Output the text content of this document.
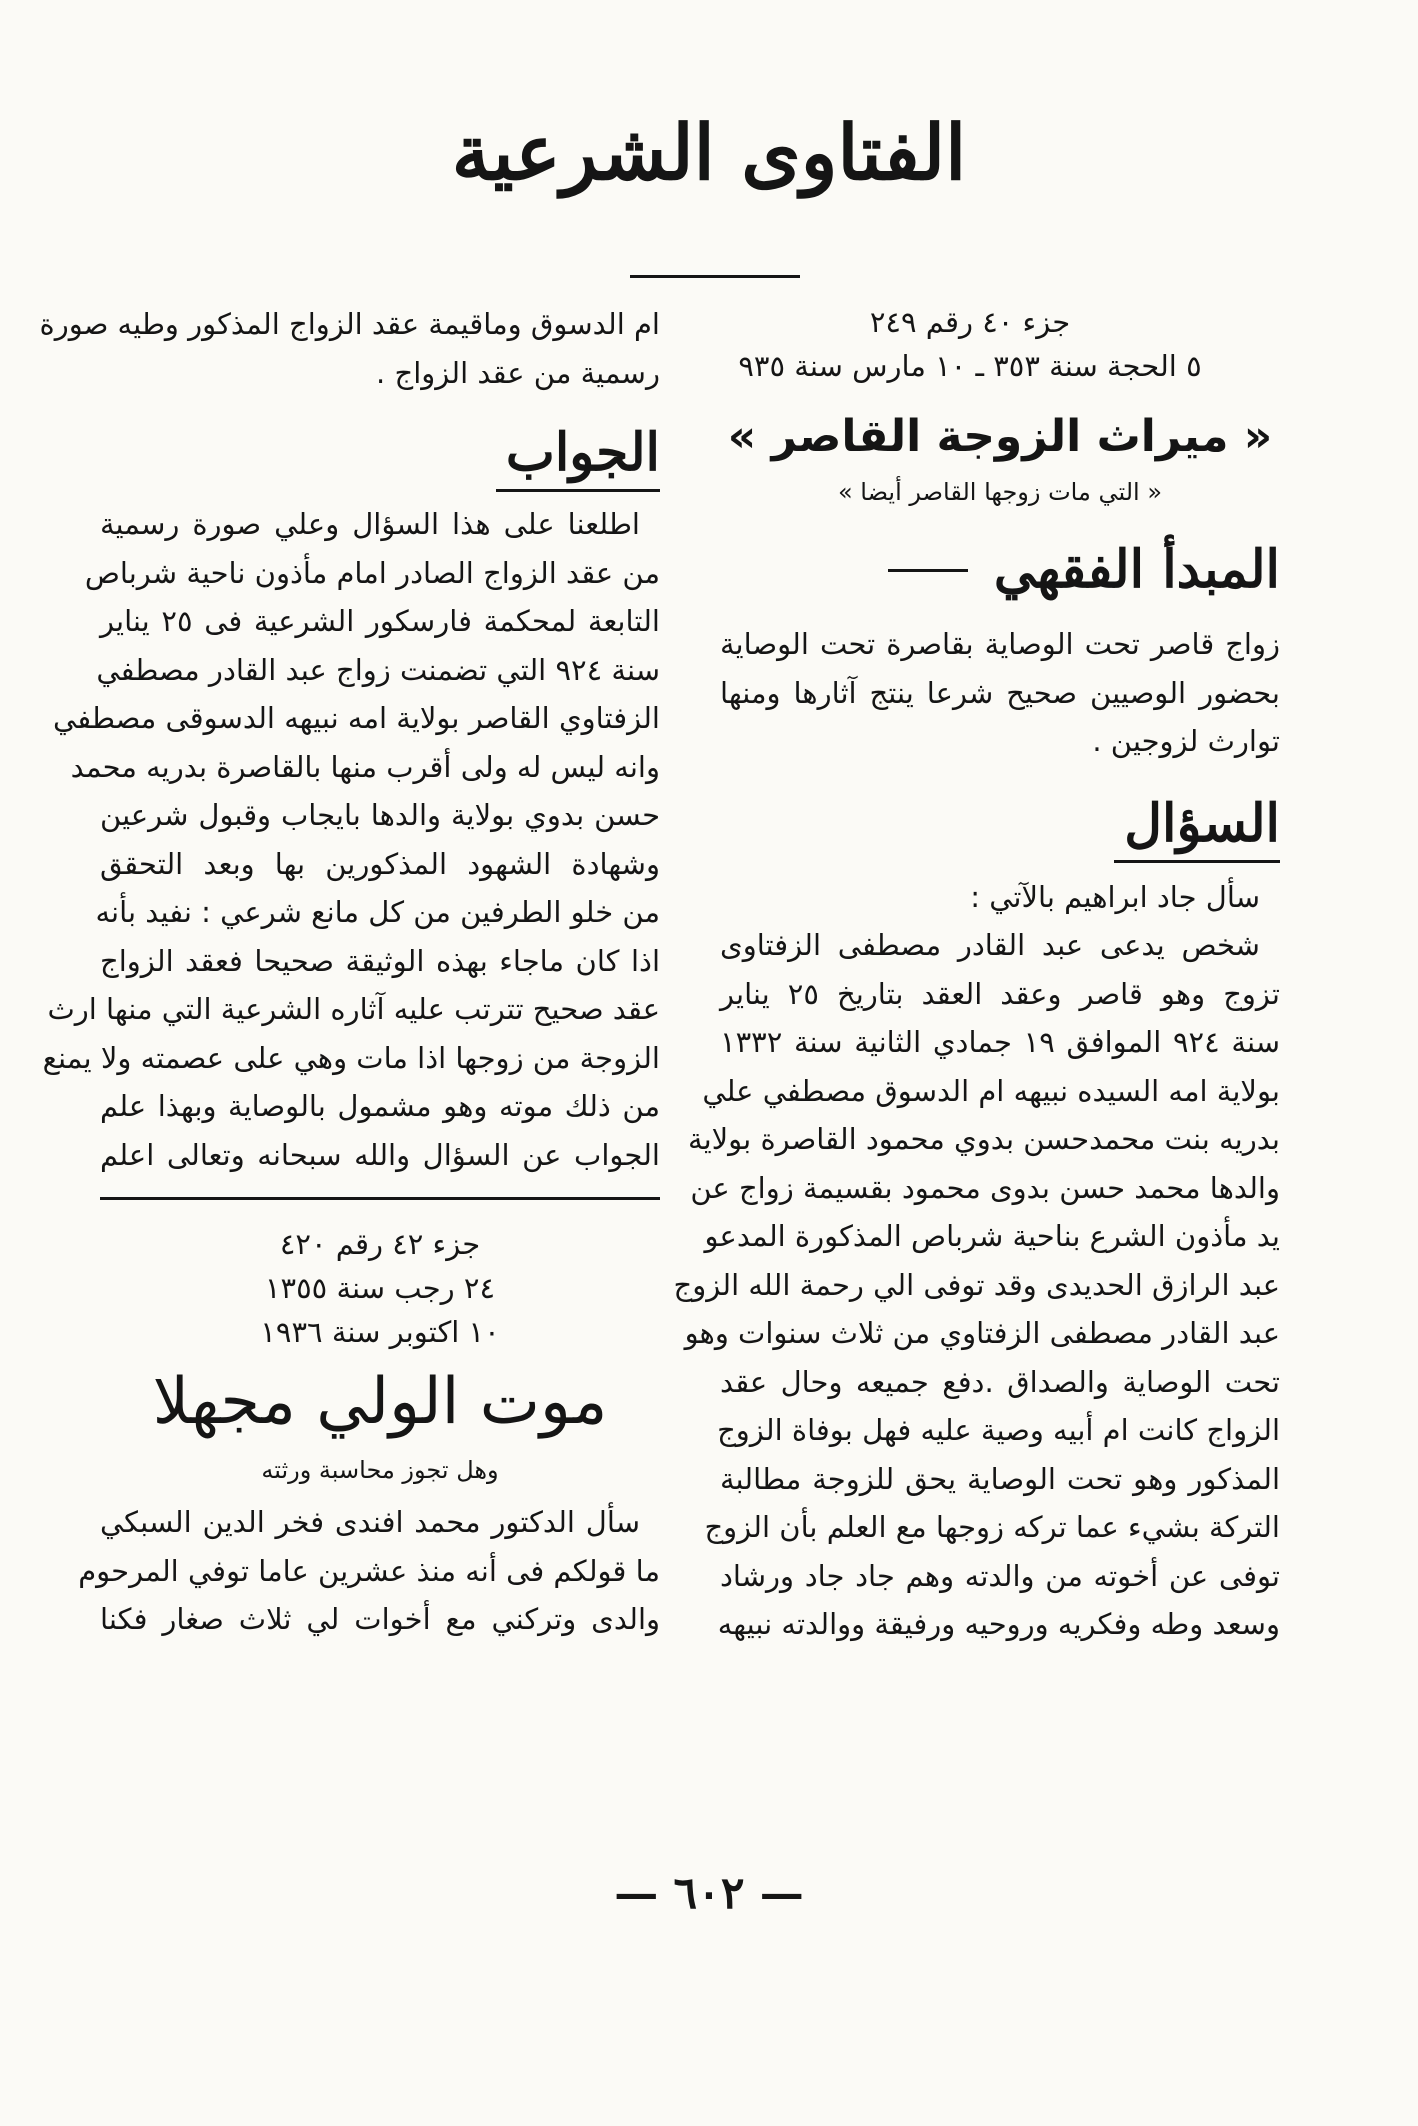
الفتاوى الشرعية
جزء ٤٠ رقم ٢٤٩
٥ الحجة سنة ٣٥٣ ـ ١٠ مارس سنة ٩٣٥
« ميراث الزوجة القاصر »
« التي مات زوجها القاصر أيضا »
المبدأ الفقهي
زواج قاصر تحت الوصاية بقاصرة تحت الوصاية
بحضور الوصيين صحيح شرعا ينتج آثارها ومنها
توارث لزوجين .
السؤال
سأل جاد ابراهيم بالآتي :
شخص يدعى عبد القادر مصطفى الزفتاوى
تزوج وهو قاصر وعقد العقد بتاريخ ٢٥ يناير
سنة ٩٢٤ الموافق ١٩ جمادي الثانية سنة ١٣٣٢
بولاية امه السيده نبيهه ام الدسوق مصطفي علي
بدريه بنت محمدحسن بدوي محمود القاصرة بولاية
والدها محمد حسن بدوى محمود بقسيمة زواج عن
يد مأذون الشرع بناحية شرباص المذكورة المدعو
عبد الرازق الحديدى وقد توفى الي رحمة الله الزوج
عبد القادر مصطفى الزفتاوي من ثلاث سنوات وهو
تحت الوصاية والصداق .دفع جميعه وحال عقد
الزواج كانت ام أبيه وصية عليه فهل بوفاة الزوج
المذكور وهو تحت الوصاية يحق للزوجة مطالبة
التركة بشيء عما تركه زوجها مع العلم بأن الزوج
توفى عن أخوته من والدته وهم جاد جاد ورشاد
وسعد وطه وفكريه وروحيه ورفيقة ووالدته نبيهه
ام الدسوق وماقيمة عقد الزواج المذكور وطيه صورة
رسمية من عقد الزواج .
الجواب
اطلعنا على هذا السؤال وعلي صورة رسمية
من عقد الزواج الصادر امام مأذون ناحية شرباص
التابعة لمحكمة فارسكور الشرعية فى ٢٥ يناير
سنة ٩٢٤ التي تضمنت زواج عبد القادر مصطفي
الزفتاوي القاصر بولاية امه نبيهه الدسوقى مصطفي
وانه ليس له ولى أقرب منها بالقاصرة بدريه محمد
حسن بدوي بولاية والدها بايجاب وقبول شرعين
وشهادة الشهود المذكورين بها وبعد التحقق
من خلو الطرفين من كل مانع شرعي : نفيد بأنه
اذا كان ماجاء بهذه الوثيقة صحيحا فعقد الزواج
عقد صحيح تترتب عليه آثاره الشرعية التي منها ارث
الزوجة من زوجها اذا مات وهي على عصمته ولا يمنع
من ذلك موته وهو مشمول بالوصاية وبهذا علم
الجواب عن السؤال والله سبحانه وتعالى اعلم
جزء ٤٢ رقم ٤٢٠
٢٤ رجب سنة ١٣٥٥
١٠ اكتوبر سنة ١٩٣٦
موت الولي مجهلا
وهل تجوز محاسبة ورثته
سأل الدكتور محمد افندى فخر الدين السبكي
ما قولكم فى أنه منذ عشرين عاما توفي المرحوم
والدى وتركني مع أخوات لي ثلاث صغار فكنا
— ٦٠٢ —
